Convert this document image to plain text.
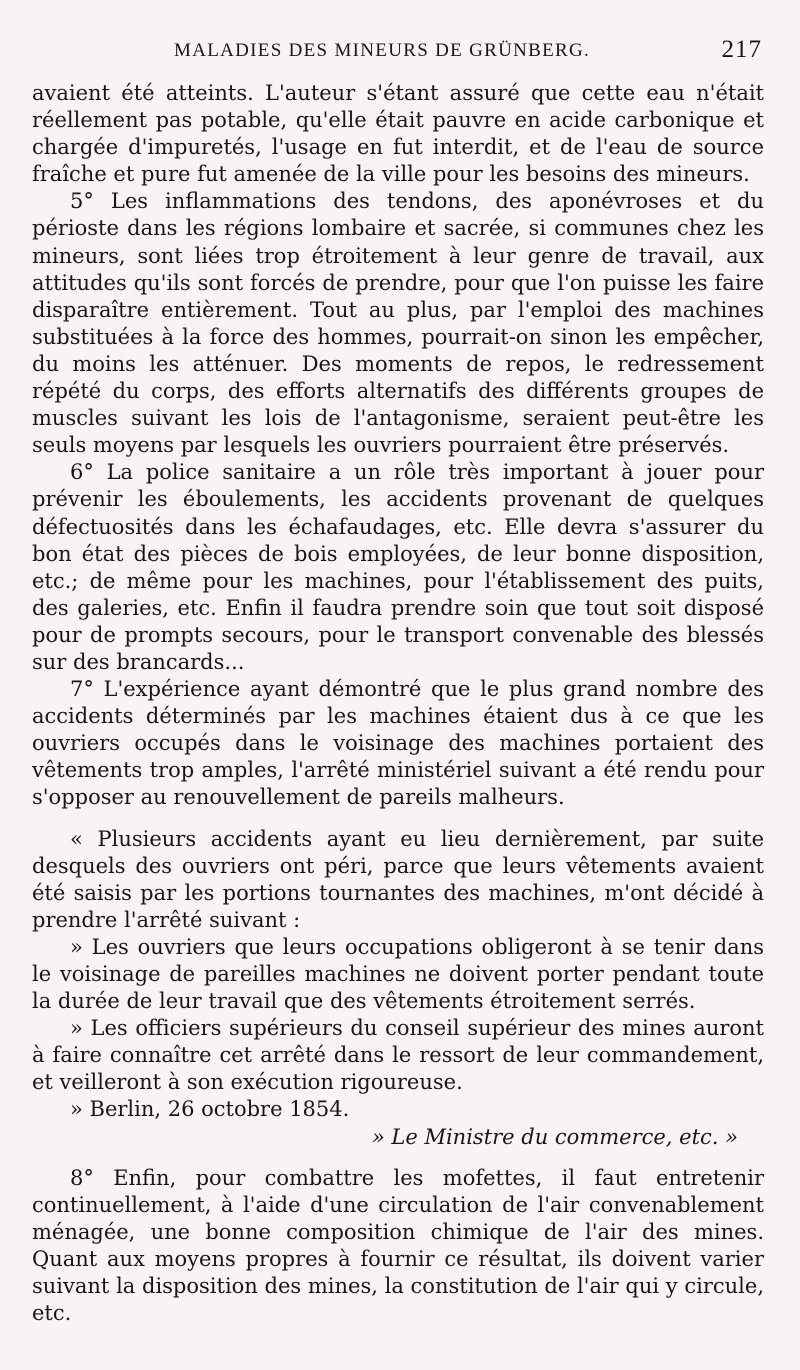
MALADIES DES MINEURS DE GRÜNBERG.	217

avaient été atteints. L'auteur s'étant assuré que cette eau n'était réellement pas potable, qu'elle était pauvre en acide carbonique et chargée d'impuretés, l'usage en fut interdit, et de l'eau de source fraîche et pure fut amenée de la ville pour les besoins des mineurs.

5° Les inflammations des tendons, des aponévroses et du périoste dans les régions lombaire et sacrée, si communes chez les mineurs, sont liées trop étroitement à leur genre de travail, aux attitudes qu'ils sont forcés de prendre, pour que l'on puisse les faire disparaître entièrement. Tout au plus, par l'emploi des machines substituées à la force des hommes, pourrait-on sinon les empêcher, du moins les atténuer. Des moments de repos, le redressement répété du corps, des efforts alternatifs des différents groupes de muscles suivant les lois de l'antagonisme, seraient peut-être les seuls moyens par lesquels les ouvriers pourraient être préservés.

6° La police sanitaire a un rôle très important à jouer pour prévenir les éboulements, les accidents provenant de quelques défectuosités dans les échafaudages, etc. Elle devra s'assurer du bon état des pièces de bois employées, de leur bonne disposition, etc.; de même pour les machines, pour l'établissement des puits, des galeries, etc. Enfin il faudra prendre soin que tout soit disposé pour de prompts secours, pour le transport convenable des blessés sur des brancards...

7° L'expérience ayant démontré que le plus grand nombre des accidents déterminés par les machines étaient dus à ce que les ouvriers occupés dans le voisinage des machines portaient des vêtements trop amples, l'arrêté ministériel suivant a été rendu pour s'opposer au renouvellement de pareils malheurs.

« Plusieurs accidents ayant eu lieu dernièrement, par suite desquels des ouvriers ont péri, parce que leurs vêtements avaient été saisis par les portions tournantes des machines, m'ont décidé à prendre l'arrêté suivant :

» Les ouvriers que leurs occupations obligeront à se tenir dans le voisinage de pareilles machines ne doivent porter pendant toute la durée de leur travail que des vêtements étroitement serrés.

» Les officiers supérieurs du conseil supérieur des mines auront à faire connaître cet arrêté dans le ressort de leur commandement, et veilleront à son exécution rigoureuse.

» Berlin, 26 octobre 1854.

» Le Ministre du commerce, etc. »

8° Enfin, pour combattre les mofettes, il faut entretenir continuellement, à l'aide d'une circulation de l'air convenablement ménagée, une bonne composition chimique de l'air des mines. Quant aux moyens propres à fournir ce résultat, ils doivent varier suivant la disposition des mines, la constitution de l'air qui y circule, etc.
